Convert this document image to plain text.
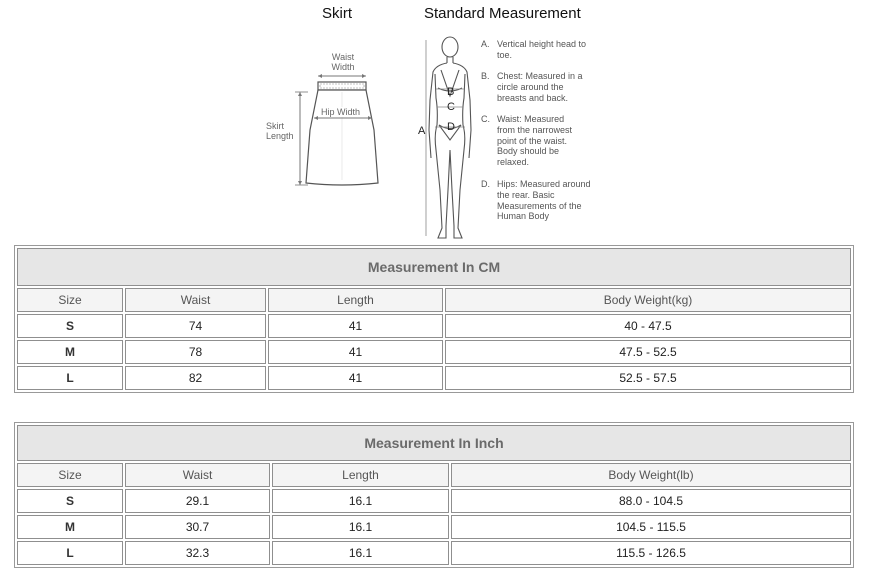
Skirt	Standard Measurement
Waist
Width
Hip Width
Skirt
Length	A
B
C
D
A. Vertical height head to toe.
B. Chest: Measured in a circle around the breasts and back.
C. Waist: Measured from the narrowest point of the waist. Body should be relaxed.
D. Hips: Measured around the rear. Basic Measurements of the Human Body
Measurement In CM			
Size	Waist	Length	Body Weight(kg)
S	74	41	40 - 47.5
M	78	41	47.5 - 52.5
L	82	41	52.5 - 57.5
Measurement In Inch			
Size	Waist	Length	Body Weight(lb)
S	29.1	16.1	88.0 - 104.5
M	30.7	16.1	104.5 - 115.5
L	32.3	16.1	115.5 - 126.5
